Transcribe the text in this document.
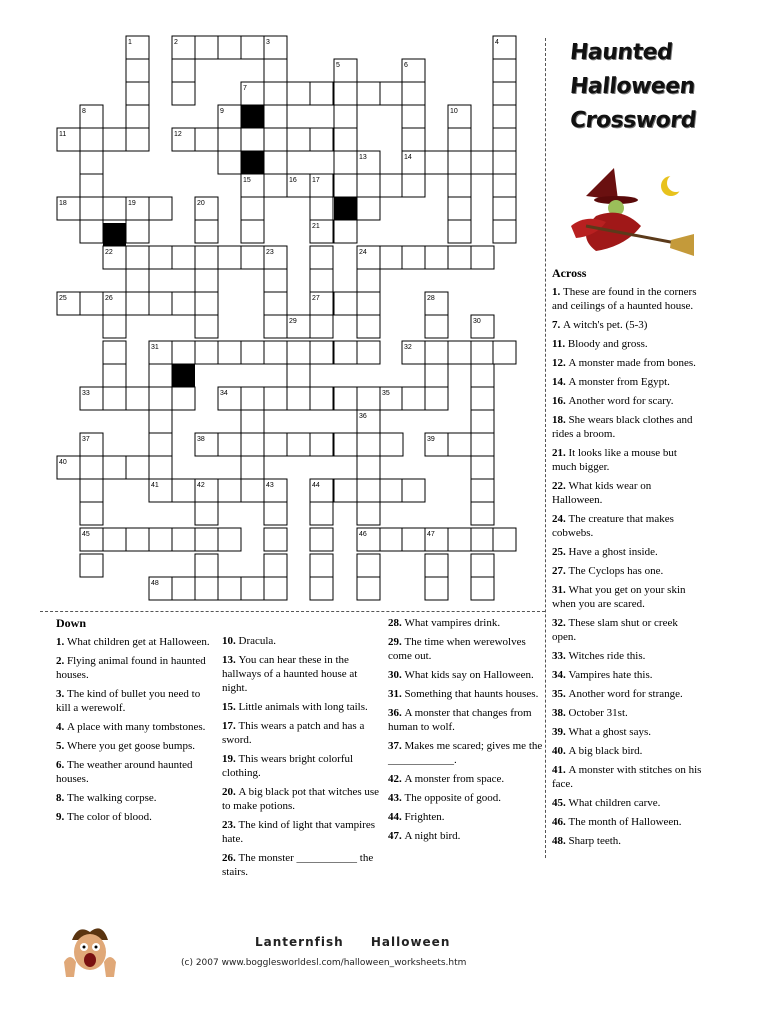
1	2	3	4
5	6
7
8	9	10
11	12
13	14
15	16 17
18	19	20
21
22	23	24
25	26	27	28
29	30
31	32
33	34	35
36
37	38	39
40
41	42	43	44
45	46	47
48
Haunted
Halloween
Crossword
Across
1. These are found in the corners and ceilings of a haunted house.
7. A witch's pet. (5-3)
11. Bloody and gross.
12. A monster made from bones.
14. A monster from Egypt.
16. Another word for scary.
18. She wears black clothes and rides a broom.
21. It looks like a mouse but much bigger.
22. What kids wear on Halloween.
24. The creature that makes cobwebs.
25. Have a ghost inside.
27. The Cyclops has one.
31. What you get on your skin when you are scared.
32. These slam shut or creek open.
33. Witches ride this.
34. Vampires hate this.
35. Another word for strange.
38. October 31st.
39. What a ghost says.
40. A big black bird.
41. A monster with stitches on his face.
45. What children carve.
46. The month of Halloween.
48. Sharp teeth.
Down
1. What children get at Halloween.
2. Flying animal found in haunted houses.
3. The kind of bullet you need to kill a werewolf.
4. A place with many tombstones.
5. Where you get goose bumps.
6. The weather around haunted houses.
8. The walking corpse.
9. The color of blood.
10. Dracula.
13. You can hear these in the hallways of a haunted house at night.
15. Little animals with long tails.
17. This wears a patch and has a sword.
19. This wears bright colorful clothing.
20. A big black pot that witches use to make potions.
23. The kind of light that vampires hate.
26. The monster ___________ the stairs.
28. What vampires drink.
29. The time when werewolves come out.
30. What kids say on Halloween.
31. Something that haunts houses.
36. A monster that changes from human to wolf.
37. Makes me scared; gives me the ____________.
42. A monster from space.
43. The opposite of good.
44. Frighten.
47. A night bird.
Lanternfish Halloween
(c) 2007 www.bogglesworldesl.com/halloween_worksheets.htm
